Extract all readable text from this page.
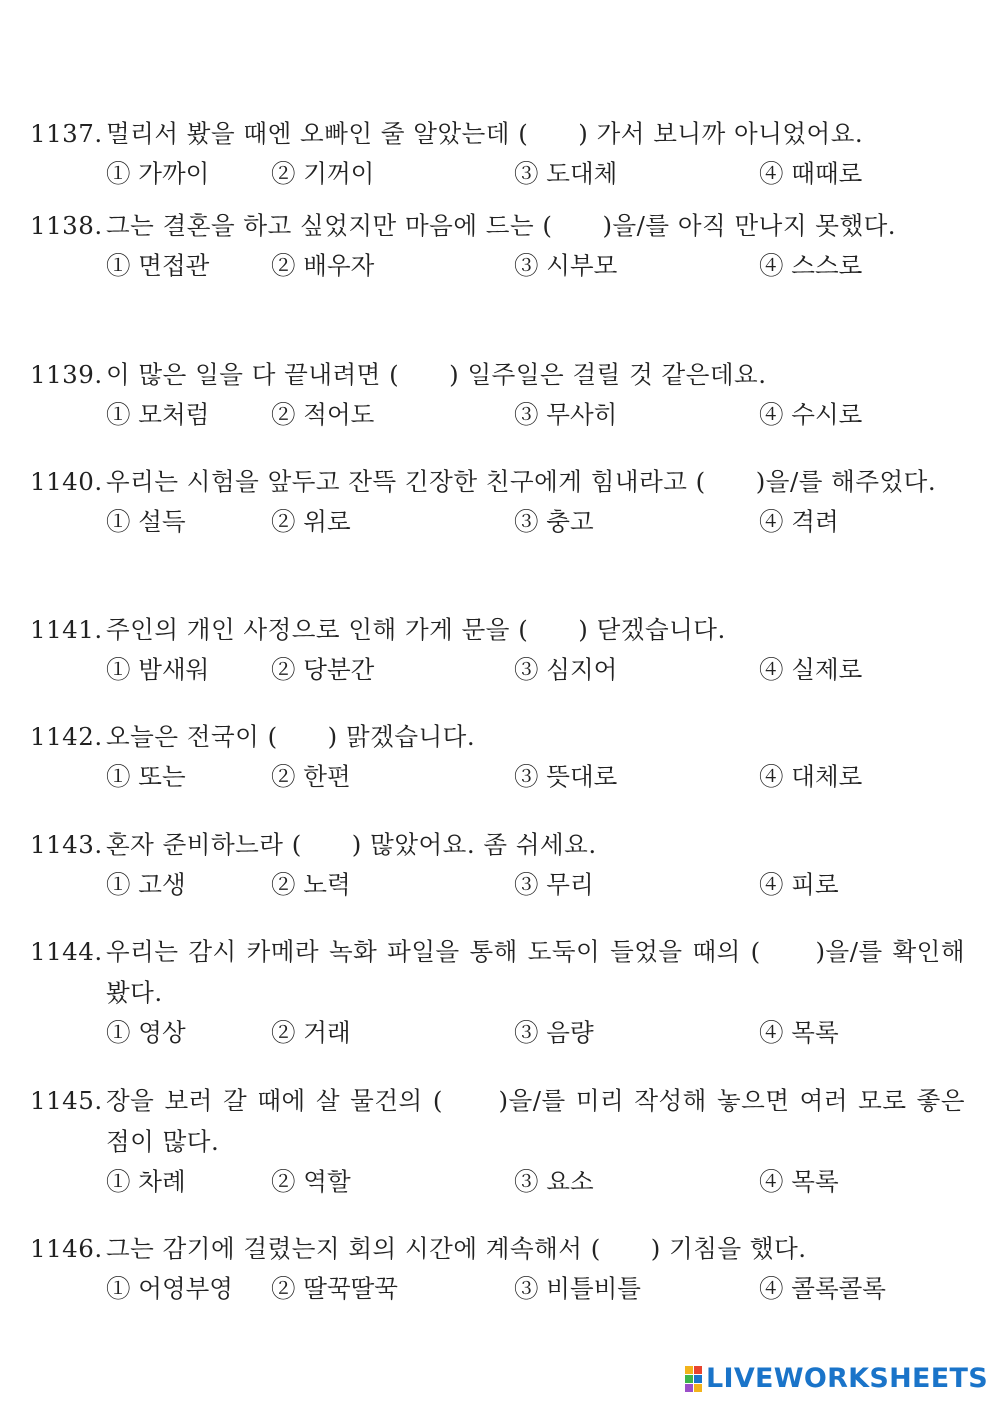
1137. 멀리서 봤을 때엔 오빠인 줄 알았는데 (　　) 가서 보니까 아니었어요.
① 가까이	② 기꺼이	③ 도대체	④ 때때로
1138. 그는 결혼을 하고 싶었지만 마음에 드는 (　　)을/를 아직 만나지 못했다.
① 면접관	② 배우자	③ 시부모	④ 스스로
1139. 이 많은 일을 다 끝내려면 (　　) 일주일은 걸릴 것 같은데요.
① 모처럼	② 적어도	③ 무사히	④ 수시로
1140. 우리는 시험을 앞두고 잔뜩 긴장한 친구에게 힘내라고 (　　)을/를 해주었다.
① 설득	② 위로	③ 충고	④ 격려
1141. 주인의 개인 사정으로 인해 가게 문을 (　　) 닫겠습니다.
① 밤새워	② 당분간	③ 심지어	④ 실제로
1142. 오늘은 전국이 (　　) 맑겠습니다.
① 또는	② 한편	③ 뜻대로	④ 대체로
1143. 혼자 준비하느라 (　　) 많았어요. 좀 쉬세요.
① 고생	② 노력	③ 무리	④ 피로
1144. 우리는 감시 카메라 녹화 파일을 통해 도둑이 들었을 때의 (　　)을/를 확인해봤다.
① 영상	② 거래	③ 음량	④ 목록
1145. 장을 보러 갈 때에 살 물건의 (　　)을/를 미리 작성해 놓으면 여러 모로 좋은 점이 많다.
① 차례	② 역할	③ 요소	④ 목록
1146. 그는 감기에 걸렸는지 회의 시간에 계속해서 (　　) 기침을 했다.
① 어영부영	② 딸꾹딸꾹	③ 비틀비틀	④ 콜록콜록
LIVEWORKSHEETS
